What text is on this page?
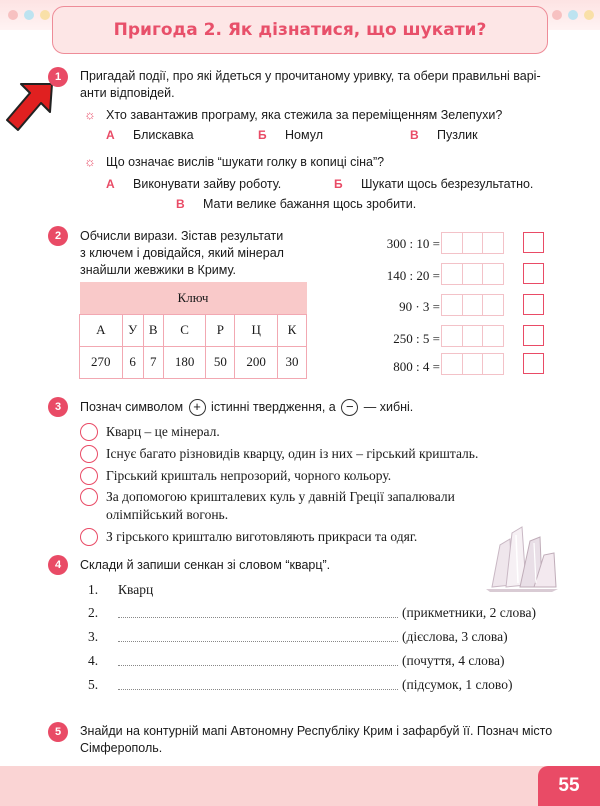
Пригода 2. Як дізнатися, що шукати?
1	Пригадай події, про які йдеться у прочитаному уривку, та обери правильні варі-
анти відповідей.
☼ Хто завантажив програму, яка стежила за переміщенням Зелепухи?
А Блискавка	Б Номул	В Пузлик
☼ Що означає вислів “шукати голку в копиці сіна”?
А Виконувати зайву роботу.	Б Шукати щось безрезультатно.
В Мати велике бажання щось зробити.
2	Обчисли вирази. Зістав результати
з ключем і довідайся, який мінерал
знайшли жевжики в Криму.
Ключ						
А	У	В	С	Р	Ц	К
270	6	7	180	50	200	30
300 : 10 =
140 : 20 =
90 · 3 =
250 : 5 =
800 : 4 =
3	Познач символом + істинні твердження, а − — хибні.
Кварц – це мінерал.
Існує багато різновидів кварцу, один із них – гірський кришталь.
Гірський кришталь непрозорий, чорного кольору.
За допомогою кришталевих куль у давній Греції запалювали
олімпійський вогонь.
З гірського кришталю виготовляють прикраси та одяг.
4	Склади й запиши сенкан зі словом “кварц”.
1. Кварц
2.	(прикметники, 2 слова)
3.	(дієслова, 3 слова)
4.	(почуття, 4 слова)
5.	(підсумок, 1 слово)
5	Знайди на контурній мапі Автономну Республіку Крим і зафарбуй її. Познач місто
Сімферополь.
55
